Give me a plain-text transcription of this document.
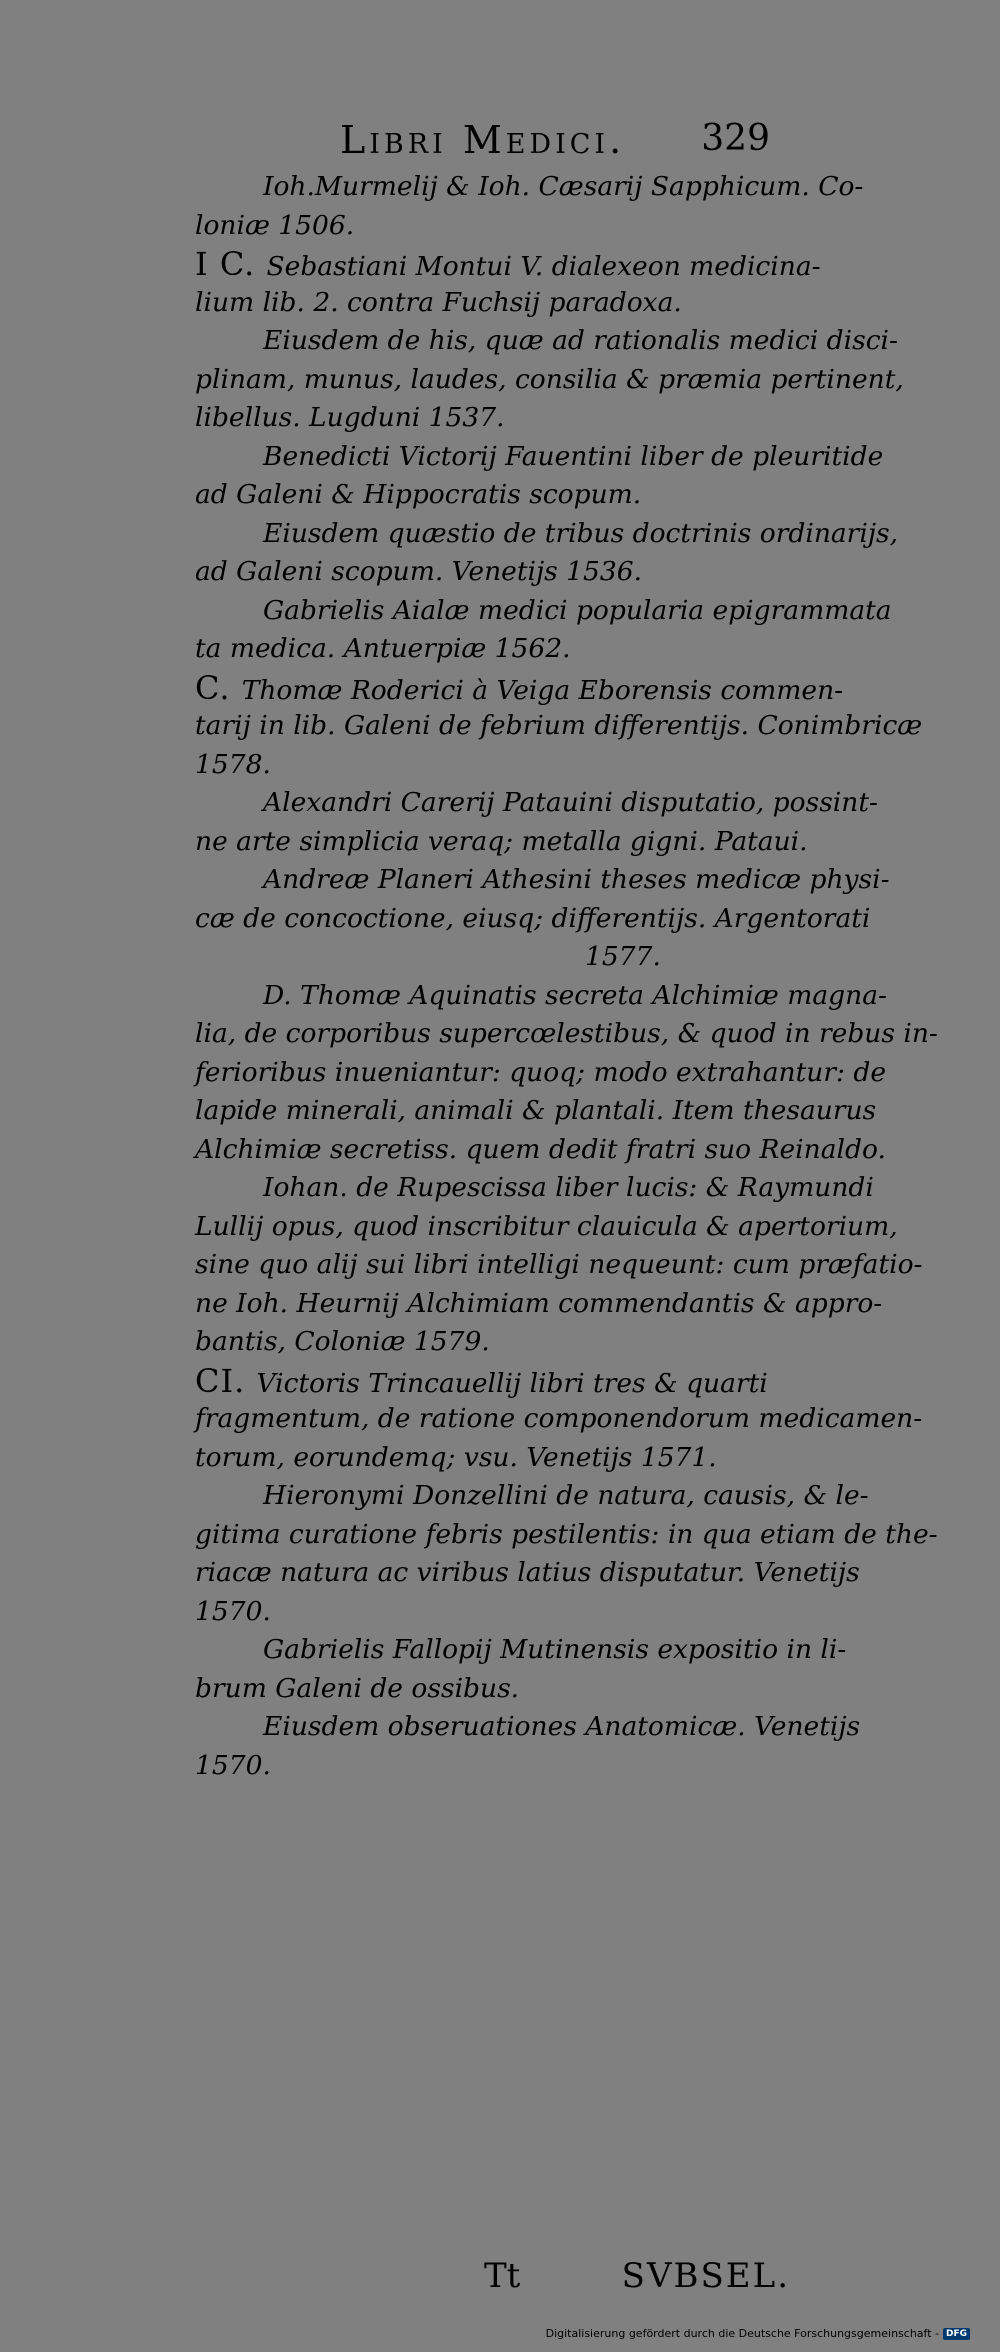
Libri Medici. 329
Ioh.Murmelij & Ioh. Cæsarij Sapphicum. Co-
loniæ 1506.
I C. Sebastiani Montui V. dialexeon medicina-
lium lib. 2. contra Fuchsij paradoxa.
Eiusdem de his, quæ ad rationalis medici disci-
plinam, munus, laudes, consilia & præmia pertinent,
libellus. Lugduni 1537.
Benedicti Victorij Fauentini liber de pleuritide
ad Galeni & Hippocratis scopum.
Eiusdem quæstio de tribus doctrinis ordinarijs,
ad Galeni scopum. Venetijs 1536.
Gabrielis Aialæ medici popularia epigrammata
ta medica. Antuerpiæ 1562.
C. Thomæ Roderici à Veiga Eborensis commen-
tarij in lib. Galeni de febrium differentijs. Conimbricæ
1578.
Alexandri Carerij Patauini disputatio, possint-
ne arte simplicia veraq; metalla gigni. Pataui.
Andreæ Planeri Athesini theses medicæ physi-
cæ de concoctione, eiusq; differentijs. Argentorati
1577.
D. Thomæ Aquinatis secreta Alchimiæ magna-
lia, de corporibus supercœlestibus, & quod in rebus in-
ferioribus inueniantur: quoq; modo extrahantur: de
lapide minerali, animali & plantali. Item thesaurus
Alchimiæ secretiss. quem dedit fratri suo Reinaldo.
Iohan. de Rupescissa liber lucis: & Raymundi
Lullij opus, quod inscribitur clauicula & apertorium,
sine quo alij sui libri intelligi nequeunt: cum præfatio-
ne Ioh. Heurnij Alchimiam commendantis & appro-
bantis, Coloniæ 1579.
CI. Victoris Trincauellij libri tres & quarti
fragmentum, de ratione componendorum medicamen-
torum, eorundemq; vsu. Venetijs 1571.
Hieronymi Donzellini de natura, causis, & le-
gitima curatione febris pestilentis: in qua etiam de the-
riacæ natura ac viribus latius disputatur. Venetijs
1570.
Gabrielis Fallopij Mutinensis expositio in li-
brum Galeni de ossibus.
Eiusdem obseruationes Anatomicæ. Venetijs
1570.
Tt	SVBSEL.
Digitalisierung gefördert durch die Deutsche Forschungsgemeinschaft - DFG
